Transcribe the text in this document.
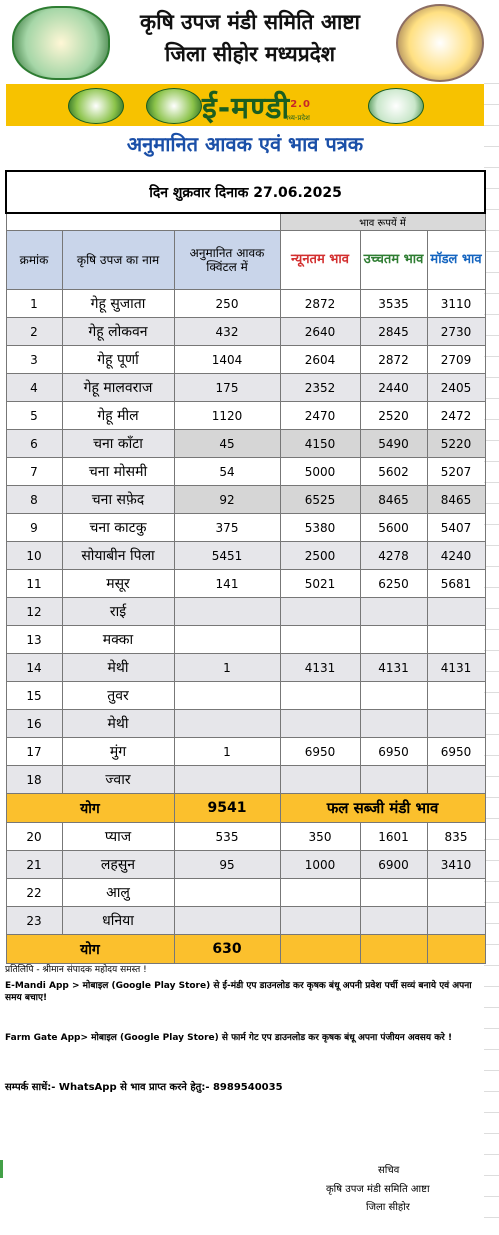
कृषि उपज मंडी समिति आष्टा
जिला सीहोर मध्यप्रदेश
ई-मण्डी$^{2.0}$
मध्य-प्रदेश
अनुमानित आवक एवं भाव पत्रक
दिन शुक्रवार दिनाक 27.06.2025					
			भाव रूपयें में		
क्रमांक	कृषि उपज का नाम	अनुमानित आवक क्विंटल में	न्यूनतम भाव	उच्चतम भाव	मॉडल भाव
1	गेहू सुजाता	250	2872	3535	3110
2	गेहू लोकवन	432	2640	2845	2730
3	गेहू पूर्णा	1404	2604	2872	2709
4	गेहू मालवराज	175	2352	2440	2405
5	गेहू मील	1120	2470	2520	2472
6	चना काँटा	45	4150	5490	5220
7	चना मोसमी	54	5000	5602	5207
8	चना सफ़ेद	92	6525	8465	8465
9	चना काटकु	375	5380	5600	5407
10	सोयाबीन पिला	5451	2500	4278	4240
11	मसूर	141	5021	6250	5681
12	राई				
13	मक्का				
14	मेथी	1	4131	4131	4131
15	तुवर				
16	मेथी				
17	मुंग	1	6950	6950	6950
18	ज्वार				
योग		9541	फल सब्जी मंडी भाव		
20	प्याज	535	350	1601	835
21	लहसुन	95	1000	6900	3410
22	आलु				
23	धनिया				
योग		630			
प्रतिलिपि - श्रीमान संपादक महोदय समस्त !
E-Mandi App > मोबाइल (Google Play Store) से ई-मंडी एप डाउनलोड कर कृषक बंधू अपनी प्रवेश पर्ची सव्यं बनाये एवं अपना समय बचाए!
Farm Gate App> मोबाइल (Google Play Store) से फार्म गेट एप डाउनलोड कर कृषक बंधू अपना पंजीयन अवसय करे !
सम्पर्क साधें:- WhatsApp से भाव प्राप्त करने हेतु:- 8989540035
सचिव
कृषि उपज मंडी समिति आष्टा
जिला सीहोर
